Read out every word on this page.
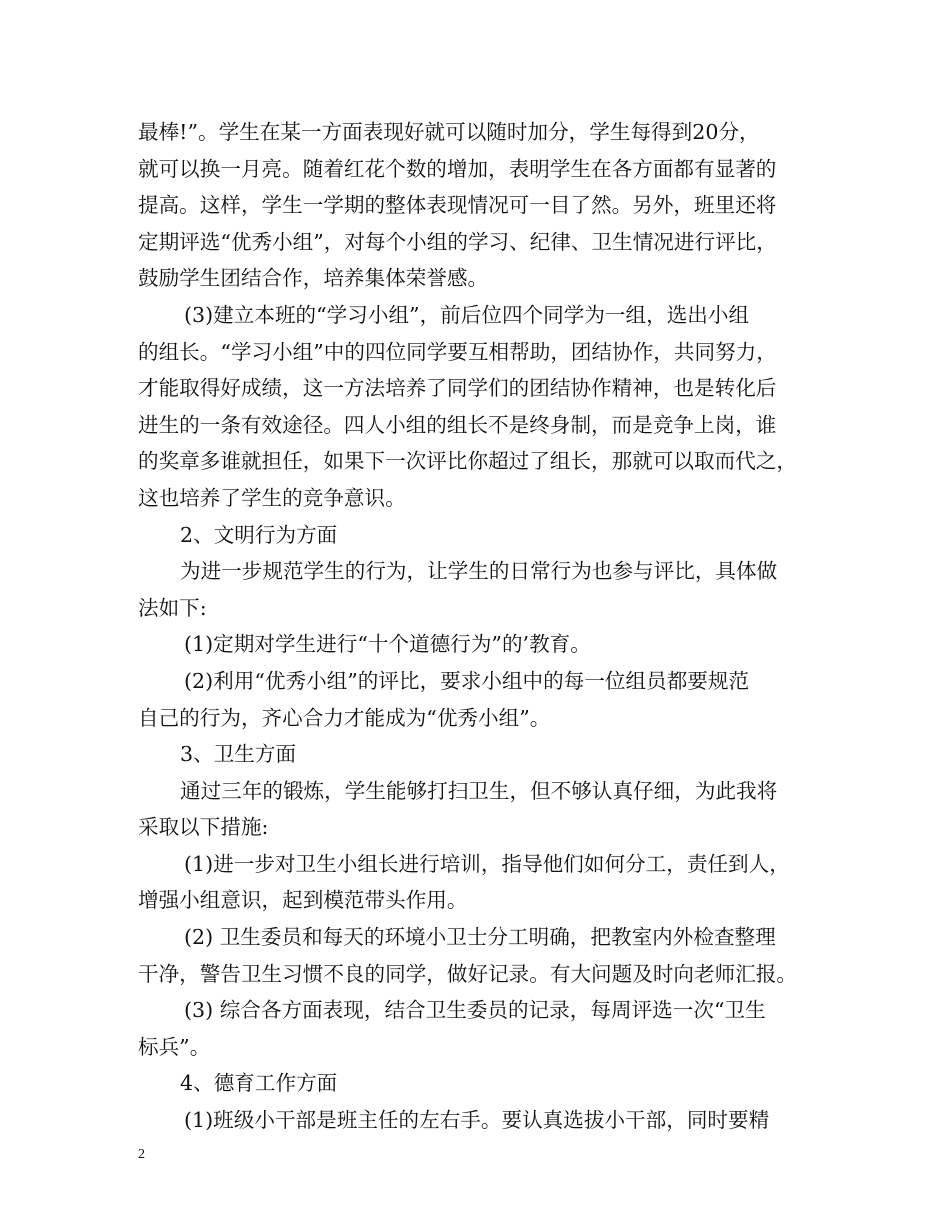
最棒!”。学生在某一方面表现好就可以随时加分，学生每得到20分，
就可以换一月亮。随着红花个数的增加，表明学生在各方面都有显著的
提高。这样，学生一学期的整体表现情况可一目了然。另外，班里还将
定期评选“优秀小组”，对每个小组的学习、纪律、卫生情况进行评比，
鼓励学生团结合作，培养集体荣誉感。
(3)建立本班的“学习小组”，前后位四个同学为一组，选出小组
的组长。“学习小组”中的四位同学要互相帮助，团结协作，共同努力，
才能取得好成绩，这一方法培养了同学们的团结协作精神，也是转化后
进生的一条有效途径。四人小组的组长不是终身制，而是竞争上岗，谁
的奖章多谁就担任，如果下一次评比你超过了组长，那就可以取而代之，
这也培养了学生的竞争意识。
2、文明行为方面
为进一步规范学生的行为，让学生的日常行为也参与评比，具体做
法如下:
(1)定期对学生进行“十个道德行为”的’教育。
(2)利用“优秀小组”的评比，要求小组中的每一位组员都要规范
自己的行为，齐心合力才能成为“优秀小组”。
3、卫生方面
通过三年的锻炼，学生能够打扫卫生，但不够认真仔细，为此我将
采取以下措施:
(1)进一步对卫生小组长进行培训，指导他们如何分工，责任到人，
增强小组意识，起到模范带头作用。
(2) 卫生委员和每天的环境小卫士分工明确，把教室内外检查整理
干净，警告卫生习惯不良的同学，做好记录。有大问题及时向老师汇报。
(3) 综合各方面表现，结合卫生委员的记录，每周评选一次“卫生
标兵”。
4、德育工作方面
(1)班级小干部是班主任的左右手。要认真选拔小干部，同时要精
2
